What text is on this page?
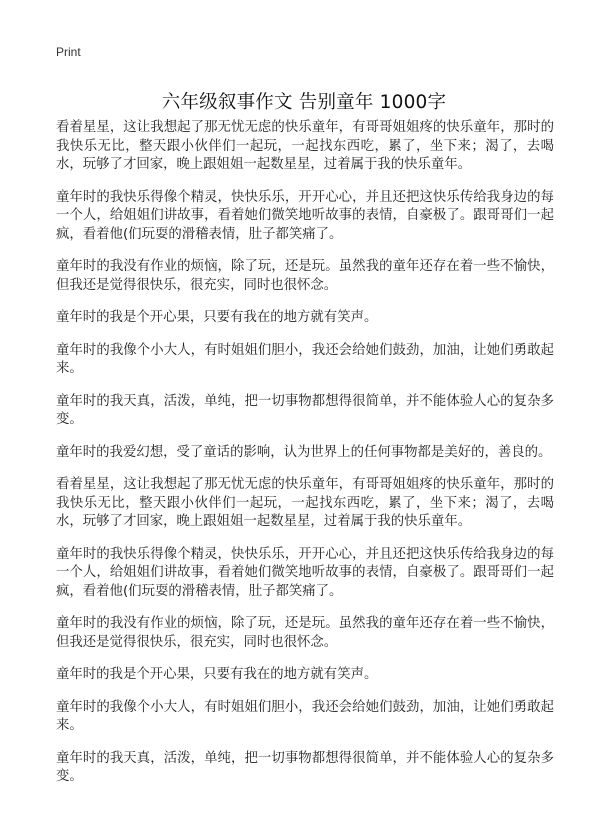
Print
六年级叙事作文 告别童年 1000字

看着星星，这让我想起了那无忧无虑的快乐童年，有哥哥姐姐疼的快乐童年，那时的我快乐无比，整天跟小伙伴们一起玩，一起找东西吃，累了，坐下来；渴了，去喝水，玩够了才回家，晚上跟姐姐一起数星星，过着属于我的快乐童年。

童年时的我快乐得像个精灵，快快乐乐，开开心心，并且还把这快乐传给我身边的每一个人，给姐姐们讲故事，看着她们微笑地听故事的表情，自豪极了。跟哥哥们一起疯，看着他(们玩耍的滑稽表情，肚子都笑痛了。

童年时的我没有作业的烦恼，除了玩，还是玩。虽然我的童年还存在着一些不愉快，但我还是觉得很快乐，很充实，同时也很怀念。

童年时的我是个开心果，只要有我在的地方就有笑声。

童年时的我像个小大人，有时姐姐们胆小，我还会给她们鼓劲，加油，让她们勇敢起来。

童年时的我天真，活泼，单纯，把一切事物都想得很简单，并不能体验人心的复杂多变。

童年时的我爱幻想，受了童话的影响，认为世界上的任何事物都是美好的，善良的。

看着星星，这让我想起了那无忧无虑的快乐童年，有哥哥姐姐疼的快乐童年，那时的我快乐无比，整天跟小伙伴们一起玩，一起找东西吃，累了，坐下来；渴了，去喝水，玩够了才回家，晚上跟姐姐一起数星星，过着属于我的快乐童年。

童年时的我快乐得像个精灵，快快乐乐，开开心心，并且还把这快乐传给我身边的每一个人，给姐姐们讲故事，看着她们微笑地听故事的表情，自豪极了。跟哥哥们一起疯，看着他(们玩耍的滑稽表情，肚子都笑痛了。

童年时的我没有作业的烦恼，除了玩，还是玩。虽然我的童年还存在着一些不愉快，但我还是觉得很快乐，很充实，同时也很怀念。

童年时的我是个开心果，只要有我在的地方就有笑声。

童年时的我像个小大人，有时姐姐们胆小，我还会给她们鼓劲，加油，让她们勇敢起来。

童年时的我天真，活泼，单纯，把一切事物都想得很简单，并不能体验人心的复杂多变。
